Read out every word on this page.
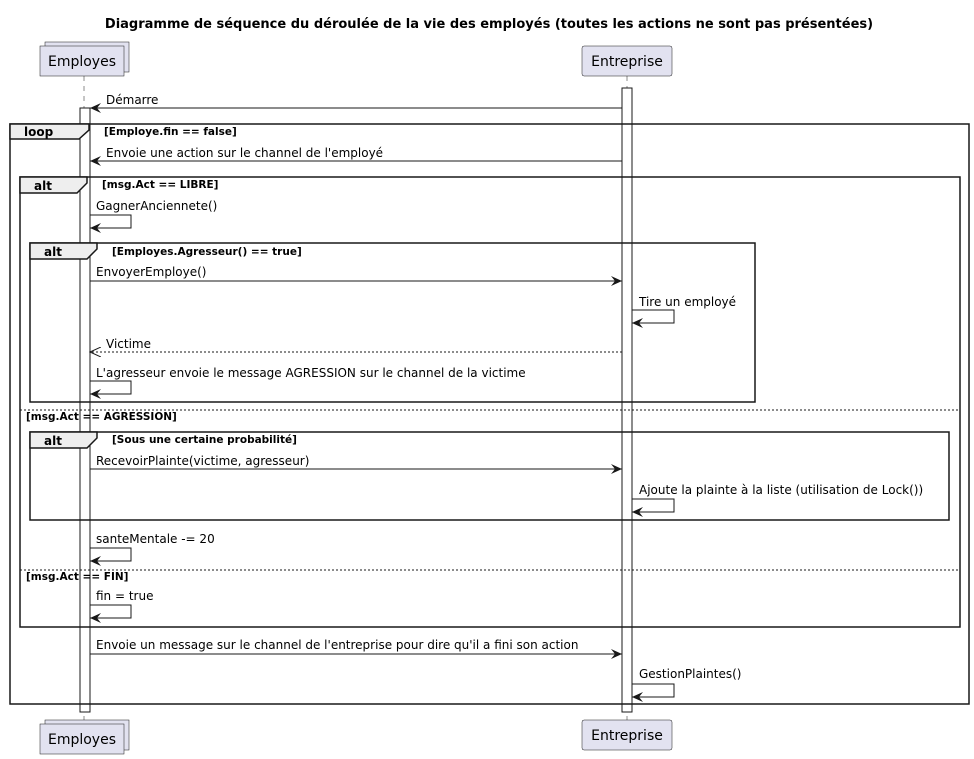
Diagramme de séquence du déroulée de la vie des employés (toutes les actions ne sont pas présentées)
Employes	Entreprise
Employes	Entreprise
Démarre
loop	[Employe.fin == false]
Envoie une action sur le channel de l'employé
alt	[msg.Act == LIBRE]
[msg.Act == AGRESSION]
[msg.Act == FIN]
GagnerAnciennete()
alt	[Employes.Agresseur() == true]
EnvoyerEmploye()
Tire un employé
Victime
L'agresseur envoie le message AGRESSION sur le channel de la victime
alt	[Sous une certaine probabilité]
RecevoirPlainte(victime, agresseur)
Ajoute la plainte à la liste (utilisation de Lock())
santeMentale -= 20
fin = true
Envoie un message sur le channel de l'entreprise pour dire qu'il a fini son action
GestionPlaintes()
